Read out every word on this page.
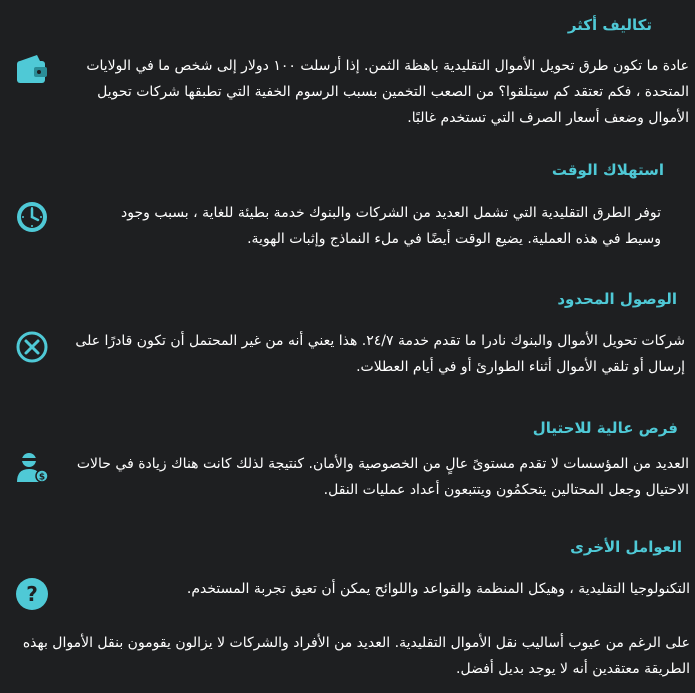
تكاليف أكثر
عادة ما تكون طرق تحويل الأموال التقليدية باهظة الثمن. إذا أرسلت ١٠٠ دولار إلى شخص ما في الولايات المتحدة ، فكم تعتقد كم سيتلقوا؟ من الصعب التخمين بسبب الرسوم الخفية التي تطبقها شركات تحويل الأموال وضعف أسعار الصرف التي تستخدم غالبًا.
استهلاك الوقت
توفر الطرق التقليدية التي تشمل العديد من الشركات والبنوك خدمة بطيئة للغاية ، بسبب وجود وسيط في هذه العملية. يضيع الوقت أيضًا في ملء النماذج وإثبات الهوية.
الوصول المحدود
شركات تحويل الأموال والبنوك نادرا ما تقدم خدمة ٢٤/٧. هذا يعني أنه من غير المحتمل أن تكون قادرًا على إرسال أو تلقي الأموال أثناء الطوارئ أو في أيام العطلات.
فرص عالية للاحتيال
$
العديد من المؤسسات لا تقدم مستوىً عالٍ من الخصوصية والأمان. كنتيجة لذلك كانت هناك زيادة في حالات الاحتيال وجعل المحتالين يتحكمُون ويتتبعون أعداد عمليات النقل.
العوامل الأخرى
?	التكنولوجيا التقليدية ، وهيكل المنظمة والقواعد واللوائح يمكن أن تعيق تجربة المستخدم.
على الرغم من عيوب أساليب نقل الأموال التقليدية. العديد من الأفراد والشركات لا يزالون يقومون بنقل الأموال بهذه الطريقة معتقدين أنه لا يوجد بديل أفضل.
